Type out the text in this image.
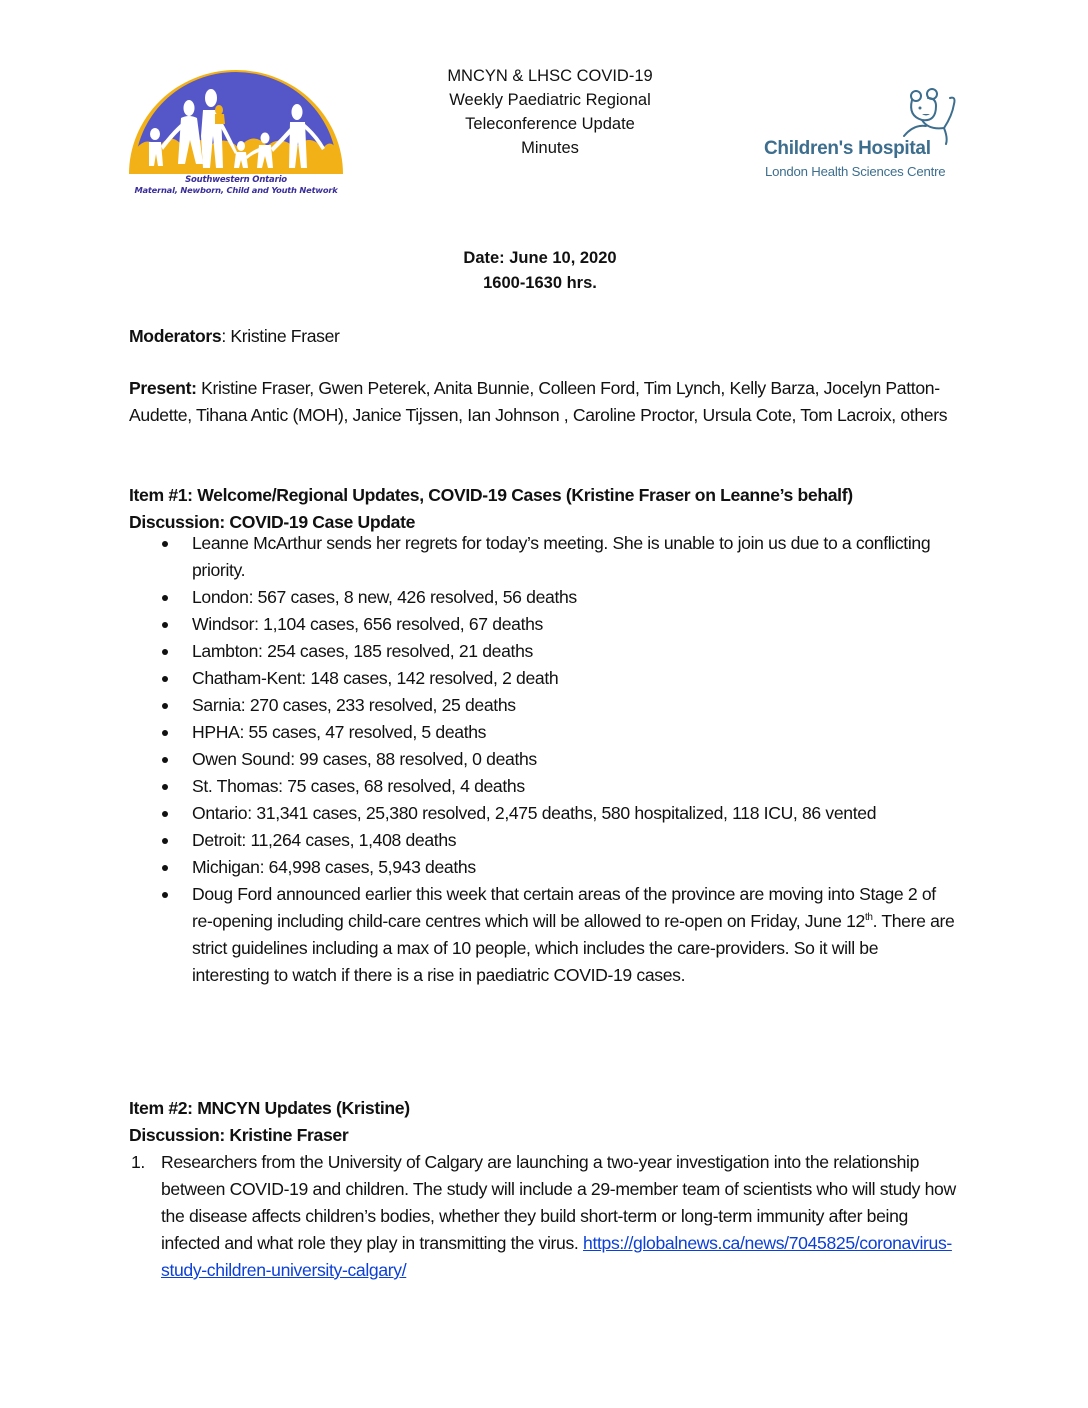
Southwestern Ontario
Maternal, Newborn, Child and Youth Network
MNCYN & LHSC COVID-19
Weekly Paediatric Regional
Teleconference Update
Minutes	Children's Hospital
London Health Sciences Centre
Date: June 10, 2020
1600-1630 hrs.
Moderators: Kristine Fraser
Present: Kristine Fraser, Gwen Peterek, Anita Bunnie, Colleen Ford, Tim Lynch, Kelly Barza, Jocelyn Patton-Audette, Tihana Antic (MOH), Janice Tijssen, Ian Johnson , Caroline Proctor, Ursula Cote, Tom Lacroix, others
Item #1: Welcome/Regional Updates, COVID-19 Cases (Kristine Fraser on Leanne’s behalf)
Discussion: COVID-19 Case Update
Leanne McArthur sends her regrets for today’s meeting. She is unable to join us due to a conflicting priority.
London: 567 cases, 8 new, 426 resolved, 56 deaths
Windsor: 1,104 cases, 656 resolved, 67 deaths
Lambton: 254 cases, 185 resolved, 21 deaths
Chatham-Kent: 148 cases, 142 resolved, 2 death
Sarnia: 270 cases, 233 resolved, 25 deaths
HPHA: 55 cases, 47 resolved, 5 deaths
Owen Sound: 99 cases, 88 resolved, 0 deaths
St. Thomas: 75 cases, 68 resolved, 4 deaths
Ontario: 31,341 cases, 25,380 resolved, 2,475 deaths, 580 hospitalized, 118 ICU, 86 vented
Detroit: 11,264 cases, 1,408 deaths
Michigan: 64,998 cases, 5,943 deaths
Doug Ford announced earlier this week that certain areas of the province are moving into Stage 2 of re-opening including child-care centres which will be allowed to re-open on Friday, June 12th. There are strict guidelines including a max of 10 people, which includes the care-providers. So it will be interesting to watch if there is a rise in paediatric COVID-19 cases.
Item #2: MNCYN Updates (Kristine)
Discussion: Kristine Fraser
1. Researchers from the University of Calgary are launching a two-year investigation into the relationship between COVID-19 and children. The study will include a 29-member team of scientists who will study how the disease affects children’s bodies, whether they build short-term or long-term immunity after being infected and what role they play in transmitting the virus. https://globalnews.ca/news/7045825/coronavirus-study-children-university-calgary/
